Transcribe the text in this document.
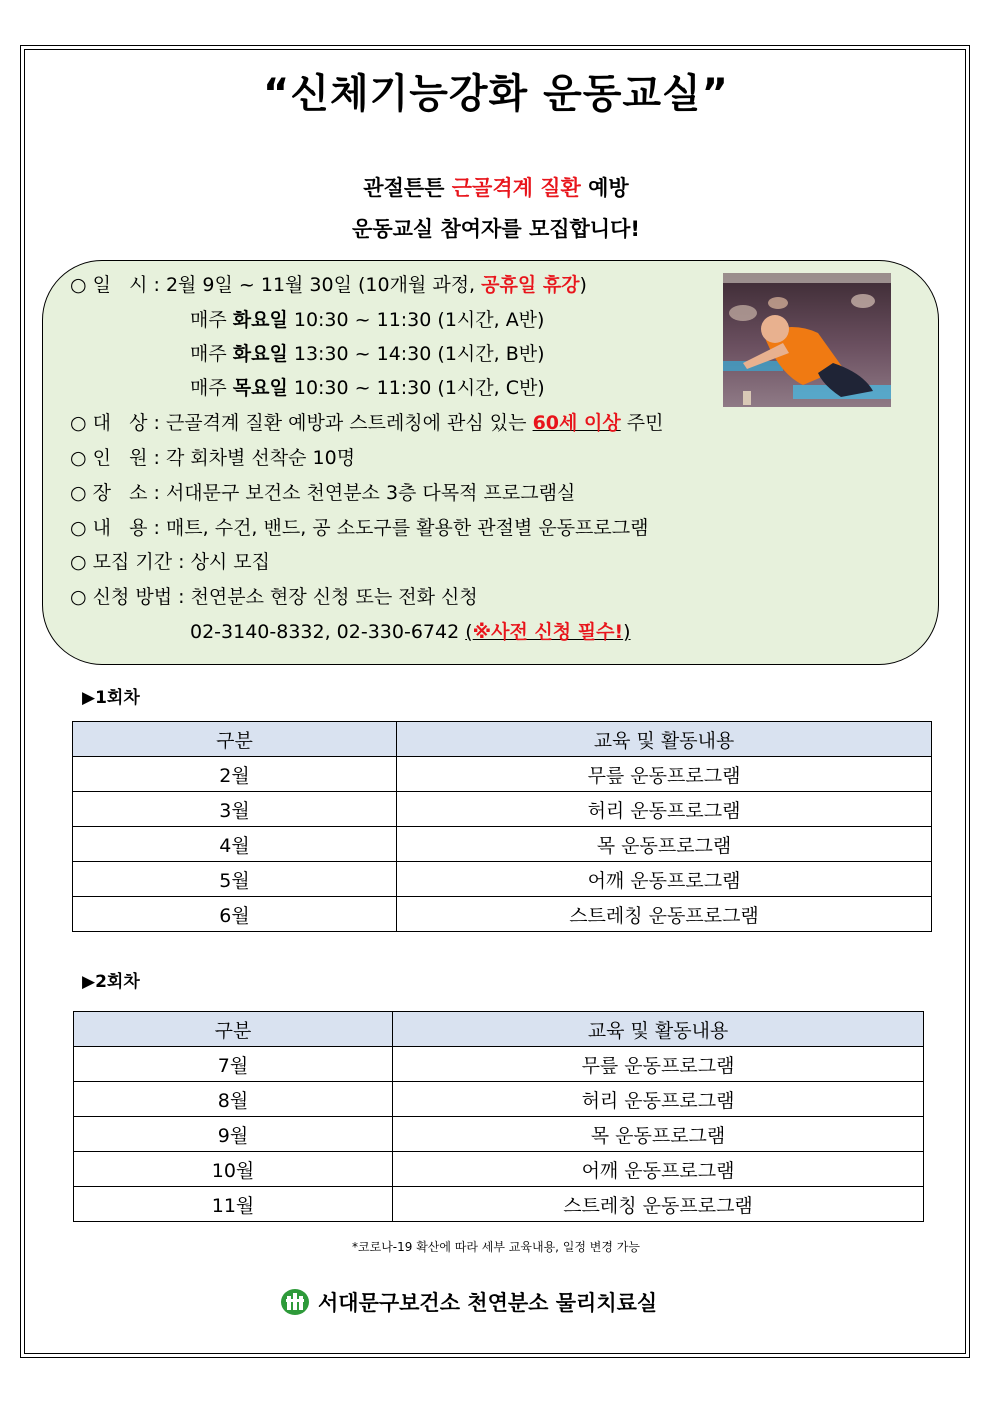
“신체기능강화 운동교실”
관절튼튼 근골격계 질환 예방
운동교실 참여자를 모집합니다!
○ 일   시 : 2월 9일 ~ 11월 30일 (10개월 과정, 공휴일 휴강)
매주 화요일 10:30 ~ 11:30 (1시간, A반)
매주 화요일 13:30 ~ 14:30 (1시간, B반)
매주 목요일 10:30 ~ 11:30 (1시간, C반)
○ 대   상 : 근골격계 질환 예방과 스트레칭에 관심 있는 60세 이상 주민
○ 인   원 : 각 회차별 선착순 10명
○ 장   소 : 서대문구 보건소 천연분소 3층 다목적 프로그램실
○ 내   용 : 매트, 수건, 밴드, 공 소도구를 활용한 관절별 운동프로그램
○ 모집 기간 : 상시 모집
○ 신청 방법 : 천연분소 현장 신청 또는 전화 신청
02-3140-8332, 02-330-6742 (※사전 신청 필수!)
▶1회차
구분	교육 및 활동내용
2월	무릎 운동프로그램
3월	허리 운동프로그램
4월	목 운동프로그램
5월	어깨 운동프로그램
6월	스트레칭 운동프로그램
▶2회차
구분	교육 및 활동내용
7월	무릎 운동프로그램
8월	허리 운동프로그램
9월	목 운동프로그램
10월	어깨 운동프로그램
11월	스트레칭 운동프로그램
*코로나-19 확산에 따라 세부 교육내용, 일정 변경 가능
서대문구보건소 천연분소 물리치료실
